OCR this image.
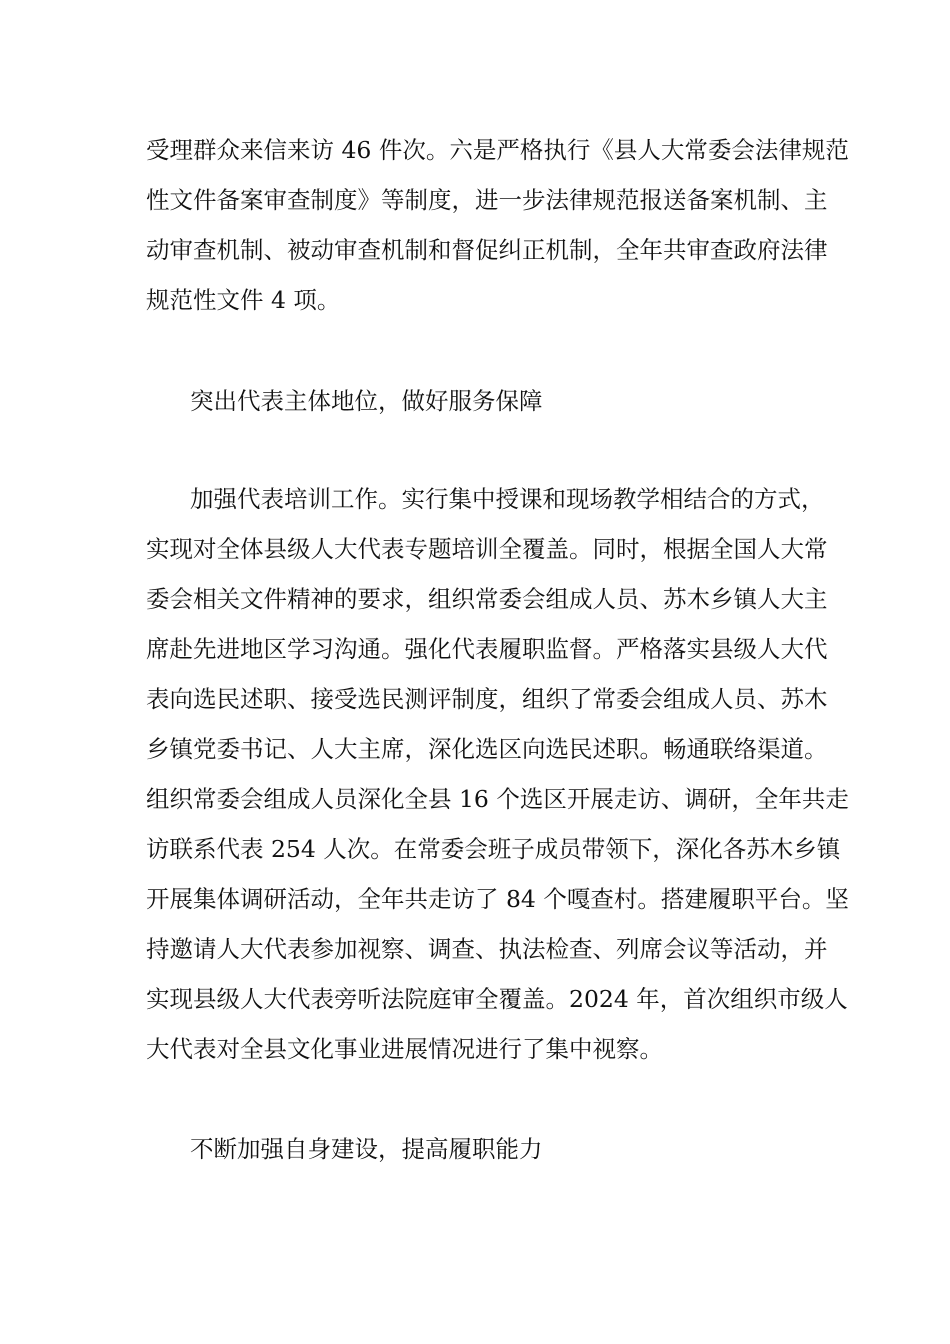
受理群众来信来访 46 件次。六是严格执行《县人大常委会法律规范
性文件备案审查制度》等制度，进一步法律规范报送备案机制、主
动审查机制、被动审查机制和督促纠正机制，全年共审查政府法律
规范性文件 4 项。
突出代表主体地位，做好服务保障
加强代表培训工作。实行集中授课和现场教学相结合的方式，
实现对全体县级人大代表专题培训全覆盖。同时，根据全国人大常
委会相关文件精神的要求，组织常委会组成人员、苏木乡镇人大主
席赴先进地区学习沟通。强化代表履职监督。严格落实县级人大代
表向选民述职、接受选民测评制度，组织了常委会组成人员、苏木
乡镇党委书记、人大主席，深化选区向选民述职。畅通联络渠道。
组织常委会组成人员深化全县 16 个选区开展走访、调研，全年共走
访联系代表 254 人次。在常委会班子成员带领下，深化各苏木乡镇
开展集体调研活动，全年共走访了 84 个嘎查村。搭建履职平台。坚
持邀请人大代表参加视察、调查、执法检查、列席会议等活动，并
实现县级人大代表旁听法院庭审全覆盖。2024 年，首次组织市级人
大代表对全县文化事业进展情况进行了集中视察。
不断加强自身建设，提高履职能力
